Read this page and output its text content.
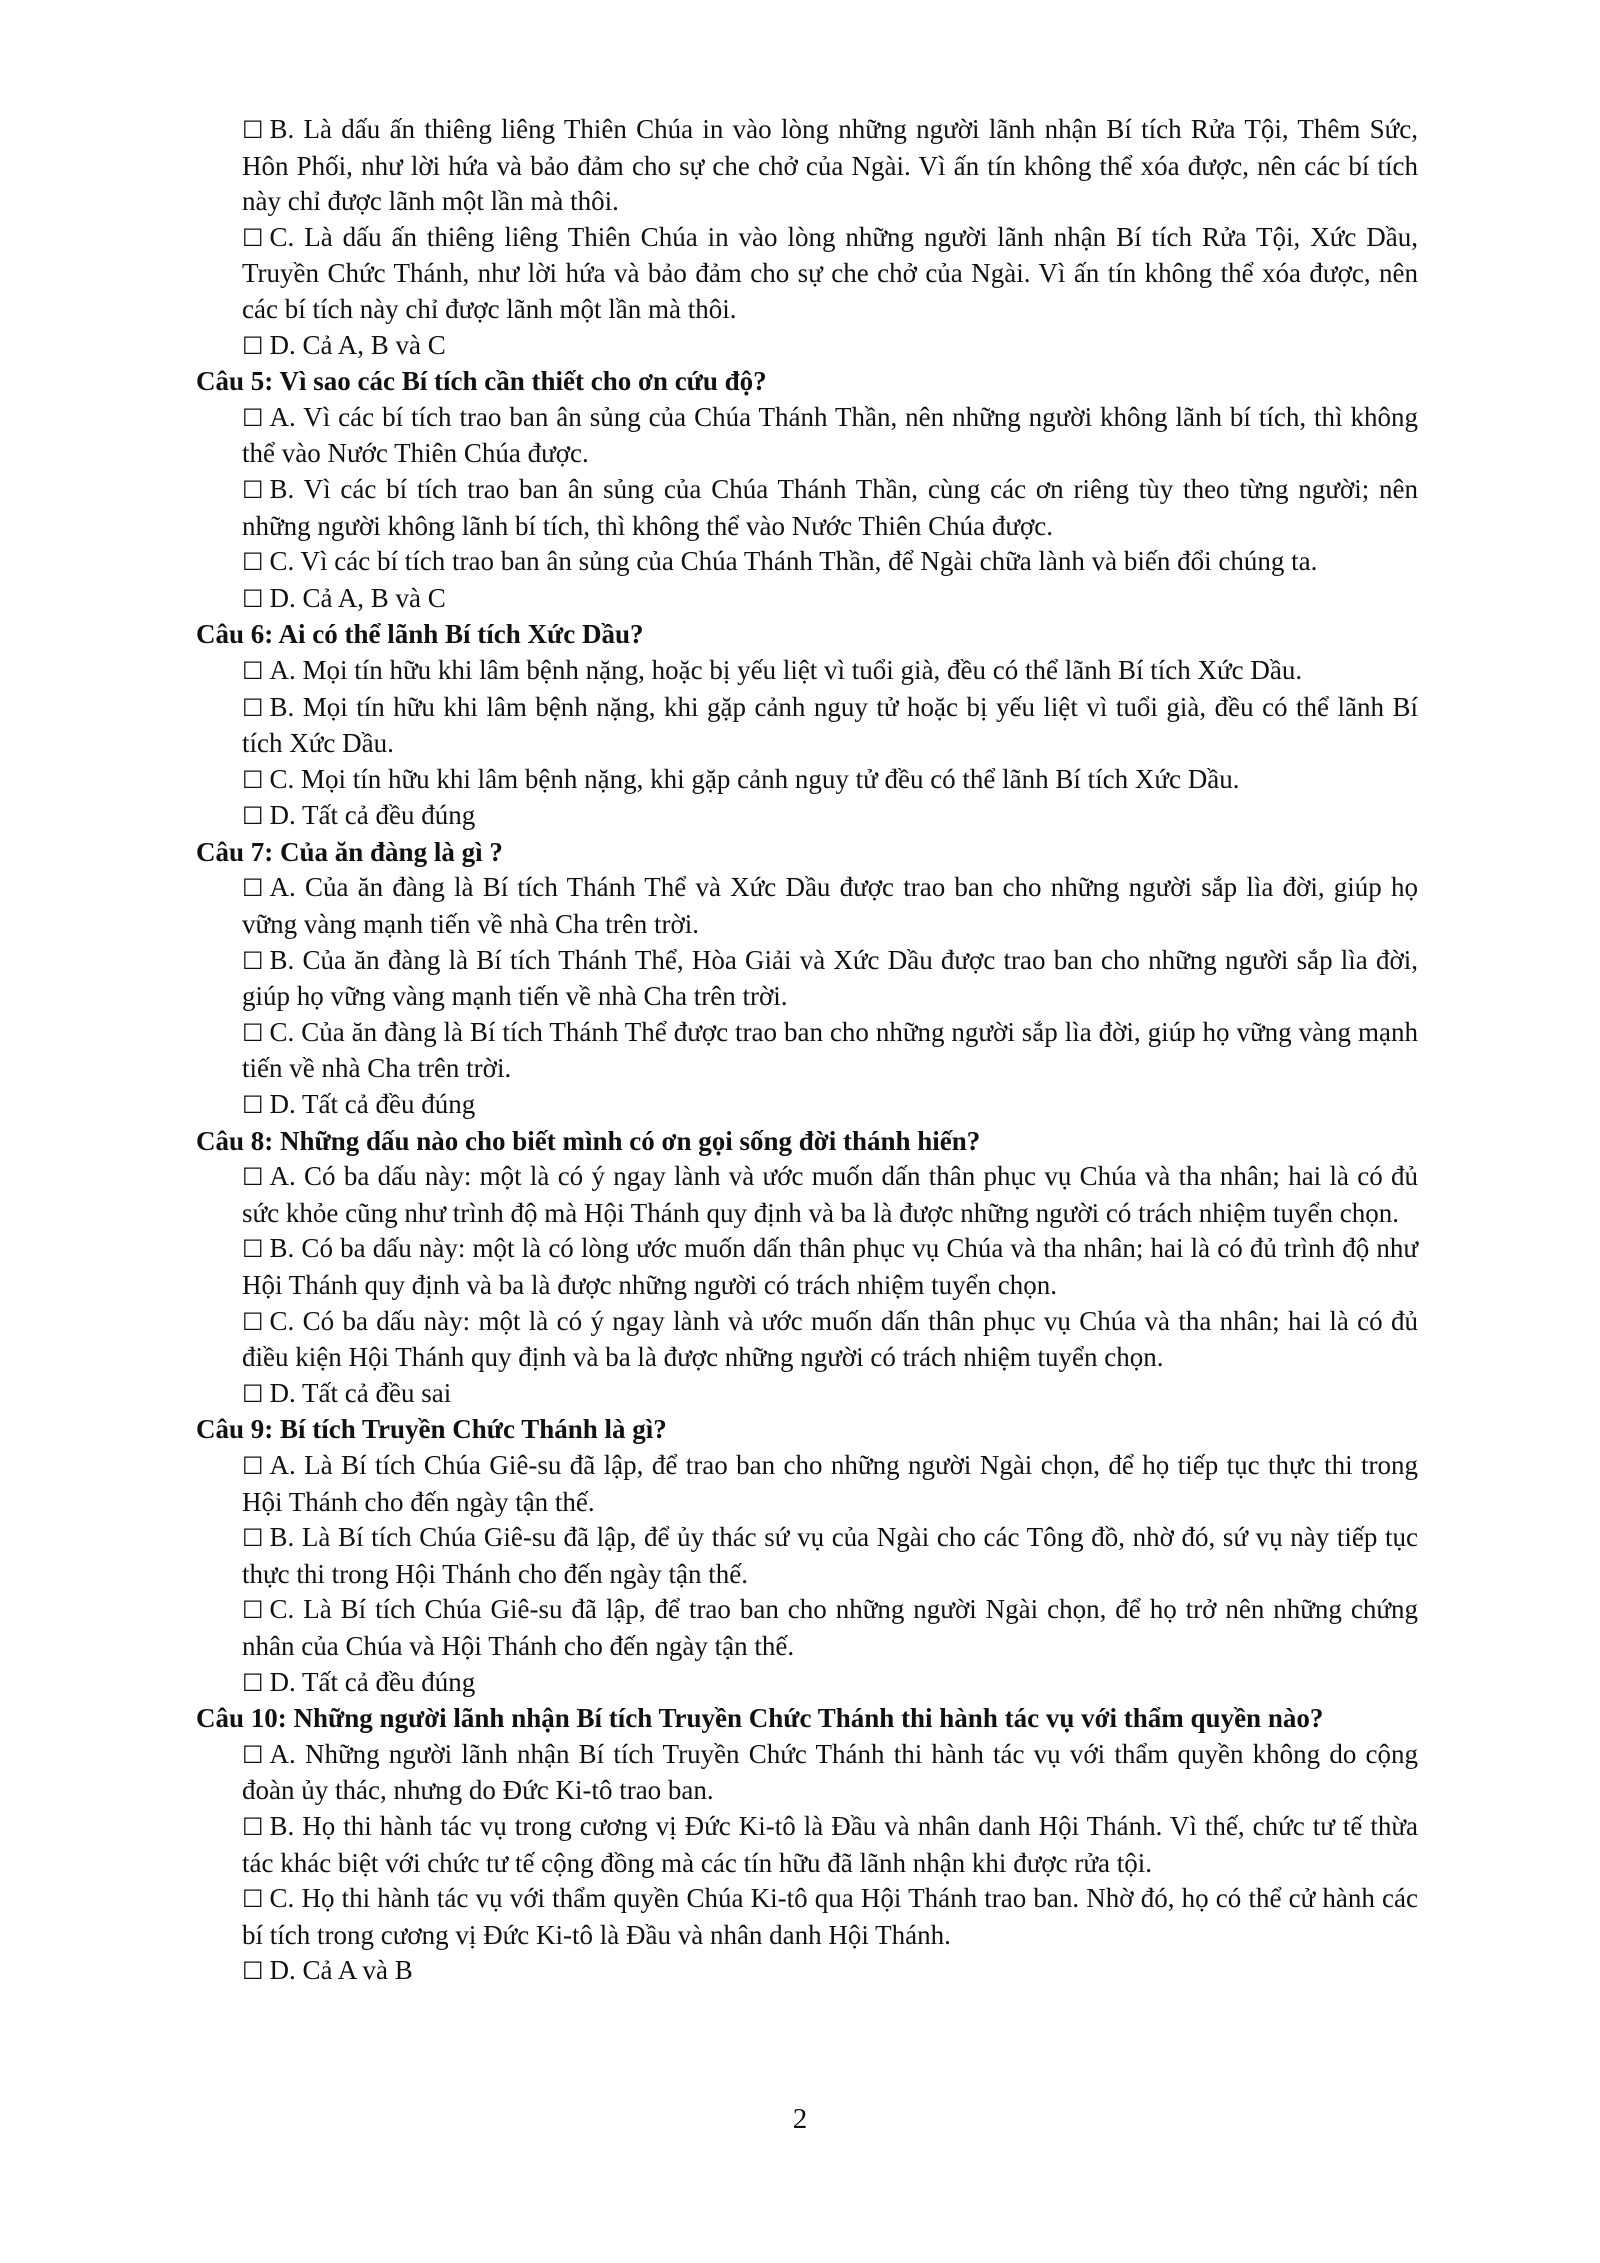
☐ B. Là dấu ấn thiêng liêng Thiên Chúa in vào lòng những người lãnh nhận Bí tích Rửa Tội, Thêm Sức, Hôn Phối, như lời hứa và bảo đảm cho sự che chở của Ngài. Vì ấn tín không thể xóa được, nên các bí tích này chỉ được lãnh một lần mà thôi.
☐ C. Là dấu ấn thiêng liêng Thiên Chúa in vào lòng những người lãnh nhận Bí tích Rửa Tội, Xức Dầu, Truyền Chức Thánh, như lời hứa và bảo đảm cho sự che chở của Ngài. Vì ấn tín không thể xóa được, nên các bí tích này chỉ được lãnh một lần mà thôi.
☐ D. Cả A, B và C
Câu 5: Vì sao các Bí tích cần thiết cho ơn cứu độ?
☐ A. Vì các bí tích trao ban ân sủng của Chúa Thánh Thần, nên những người không lãnh bí tích, thì không thể vào Nước Thiên Chúa được.
☐ B. Vì các bí tích trao ban ân sủng của Chúa Thánh Thần, cùng các ơn riêng tùy theo từng người; nên những người không lãnh bí tích, thì không thể vào Nước Thiên Chúa được.
☐ C. Vì các bí tích trao ban ân sủng của Chúa Thánh Thần, để Ngài chữa lành và biến đổi chúng ta.
☐ D. Cả A, B và C
Câu 6: Ai có thể lãnh Bí tích Xức Dầu?
☐ A. Mọi tín hữu khi lâm bệnh nặng, hoặc bị yếu liệt vì tuổi già, đều có thể lãnh Bí tích Xức Dầu.
☐ B. Mọi tín hữu khi lâm bệnh nặng, khi gặp cảnh nguy tử hoặc bị yếu liệt vì tuổi già, đều có thể lãnh Bí tích Xức Dầu.
☐ C. Mọi tín hữu khi lâm bệnh nặng, khi gặp cảnh nguy tử đều có thể lãnh Bí tích Xức Dầu.
☐ D. Tất cả đều đúng
Câu 7: Của ăn đàng là gì ?
☐ A. Của ăn đàng là Bí tích Thánh Thể và Xức Dầu được trao ban cho những người sắp lìa đời, giúp họ vững vàng mạnh tiến về nhà Cha trên trời.
☐ B. Của ăn đàng là Bí tích Thánh Thể, Hòa Giải và Xức Dầu được trao ban cho những người sắp lìa đời, giúp họ vững vàng mạnh tiến về nhà Cha trên trời.
☐ C. Của ăn đàng là Bí tích Thánh Thể được trao ban cho những người sắp lìa đời, giúp họ vững vàng mạnh tiến về nhà Cha trên trời.
☐ D. Tất cả đều đúng
Câu 8: Những dấu nào cho biết mình có ơn gọi sống đời thánh hiến?
☐ A. Có ba dấu này: một là có ý ngay lành và ước muốn dấn thân phục vụ Chúa và tha nhân; hai là có đủ sức khỏe cũng như trình độ mà Hội Thánh quy định và ba là được những người có trách nhiệm tuyển chọn.
☐ B. Có ba dấu này: một là có lòng ước muốn dấn thân phục vụ Chúa và tha nhân; hai là có đủ trình độ như Hội Thánh quy định và ba là được những người có trách nhiệm tuyển chọn.
☐ C. Có ba dấu này: một là có ý ngay lành và ước muốn dấn thân phục vụ Chúa và tha nhân; hai là có đủ điều kiện Hội Thánh quy định và ba là được những người có trách nhiệm tuyển chọn.
☐ D. Tất cả đều sai
Câu 9: Bí tích Truyền Chức Thánh là gì?
☐ A. Là Bí tích Chúa Giê-su đã lập, để trao ban cho những người Ngài chọn, để họ tiếp tục thực thi trong Hội Thánh cho đến ngày tận thế.
☐ B. Là Bí tích Chúa Giê-su đã lập, để ủy thác sứ vụ của Ngài cho các Tông đồ, nhờ đó, sứ vụ này tiếp tục thực thi trong Hội Thánh cho đến ngày tận thế.
☐ C. Là Bí tích Chúa Giê-su đã lập, để trao ban cho những người Ngài chọn, để họ trở nên những chứng nhân của Chúa và Hội Thánh cho đến ngày tận thế.
☐ D. Tất cả đều đúng
Câu 10: Những người lãnh nhận Bí tích Truyền Chức Thánh thi hành tác vụ với thẩm quyền nào?
☐ A. Những người lãnh nhận Bí tích Truyền Chức Thánh thi hành tác vụ với thẩm quyền không do cộng đoàn ủy thác, nhưng do Đức Ki-tô trao ban.
☐ B. Họ thi hành tác vụ trong cương vị Đức Ki-tô là Đầu và nhân danh Hội Thánh. Vì thế, chức tư tế thừa tác khác biệt với chức tư tế cộng đồng mà các tín hữu đã lãnh nhận khi được rửa tội.
☐ C. Họ thi hành tác vụ với thẩm quyền Chúa Ki-tô qua Hội Thánh trao ban. Nhờ đó, họ có thể cử hành các bí tích trong cương vị Đức Ki-tô là Đầu và nhân danh Hội Thánh.
☐ D. Cả A và B
2
